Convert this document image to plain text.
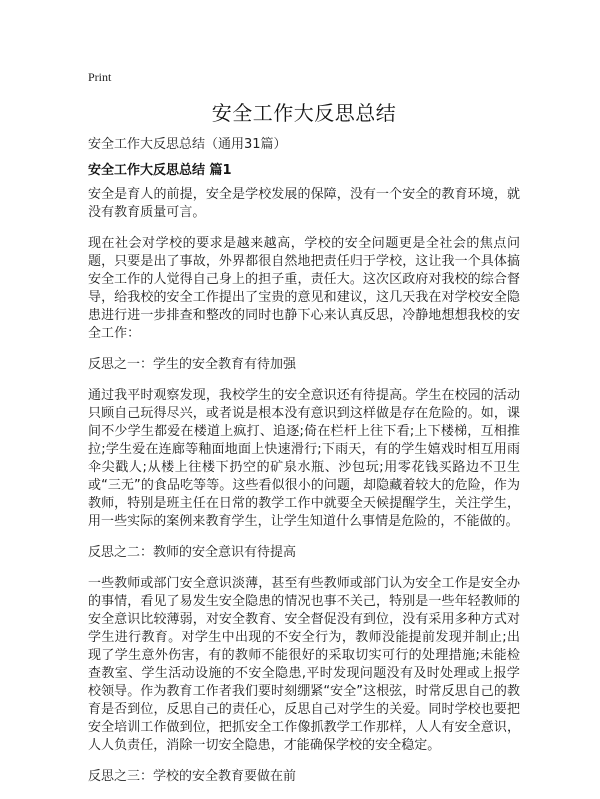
Print
安全工作大反思总结
安全工作大反思总结（通用31篇）
安全工作大反思总结 篇1

安全是育人的前提，安全是学校发展的保障，没有一个安全的教育环境，就没有教育质量可言。

现在社会对学校的要求是越来越高，学校的安全问题更是全社会的焦点问题，只要是出了事故，外界都很自然地把责任归于学校，这让我一个具体搞安全工作的人觉得自己身上的担子重，责任大。这次区政府对我校的综合督导，给我校的安全工作提出了宝贵的意见和建议，这几天我在对学校安全隐患进行进一步排查和整改的同时也静下心来认真反思，冷静地想想我校的安全工作：

反思之一：学生的安全教育有待加强

通过我平时观察发现，我校学生的安全意识还有待提高。学生在校园的活动只顾自己玩得尽兴，或者说是根本没有意识到这样做是存在危险的。如，课间不少学生都爱在楼道上疯打、追逐;倚在栏杆上往下看;上下楼梯，互相推拉;学生爱在连廊等釉面地面上快速滑行;下雨天，有的学生嬉戏时相互用雨伞尖戳人;从楼上往楼下扔空的矿泉水瓶、沙包玩;用零花钱买路边不卫生或“三无”的食品吃等等。这些看似很小的问题，却隐藏着较大的危险，作为教师，特别是班主任在日常的教学工作中就要全天候提醒学生，关注学生，用一些实际的案例来教育学生，让学生知道什么事情是危险的，不能做的。

反思之二：教师的安全意识有待提高

一些教师或部门安全意识淡薄，甚至有些教师或部门认为安全工作是安全办的事情，看见了易发生安全隐患的情况也事不关己，特别是一些年轻教师的安全意识比较薄弱，对安全教育、安全督促没有到位，没有采用多种方式对学生进行教育。对学生中出现的不安全行为，教师没能提前发现并制止;出现了学生意外伤害，有的教师不能很好的采取切实可行的处理措施;未能检查教室、学生活动设施的不安全隐患,平时发现问题没有及时处理或上报学校领导。作为教育工作者我们要时刻绷紧“安全”这根弦，时常反思自己的教育是否到位，反思自己的责任心，反思自己对学生的关爱。同时学校也要把安全培训工作做到位，把抓安全工作像抓教学工作那样，人人有安全意识，人人负责任，消除一切安全隐患，才能确保学校的安全稳定。

反思之三：学校的安全教育要做在前
